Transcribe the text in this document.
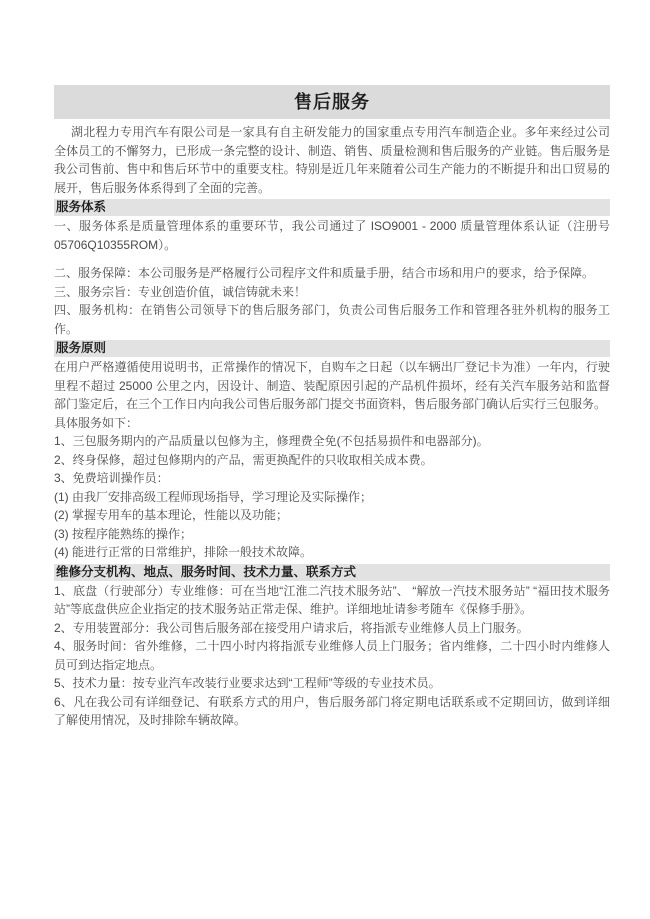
售后服务

湖北程力专用汽车有限公司是一家具有自主研发能力的国家重点专用汽车制造企业。多年来经过公司全体员工的不懈努力，已形成一条完整的设计、制造、销售、质量检测和售后服务的产业链。售后服务是我公司售前、售中和售后环节中的重要支柱。特别是近几年来随着公司生产能力的不断提升和出口贸易的展开，售后服务体系得到了全面的完善。

服务体系

一、服务体系是质量管理体系的重要环节，我公司通过了 ISO9001 - 2000 质量管理体系认证（注册号 05706Q10355ROM）。

二、服务保障：本公司服务是严格履行公司程序文件和质量手册，结合市场和用户的要求，给予保障。

三、服务宗旨：专业创造价值，诚信铸就未来！

四、服务机构：在销售公司领导下的售后服务部门，负责公司售后服务工作和管理各驻外机构的服务工作。

服务原则

在用户严格遵循使用说明书，正常操作的情况下，自购车之日起（以车辆出厂登记卡为准）一年内，行驶里程不超过 25000 公里之内，因设计、制造、装配原因引起的产品机件损坏，经有关汽车服务站和监督部门鉴定后，在三个工作日内向我公司售后服务部门提交书面资料，售后服务部门确认后实行三包服务。

具体服务如下：

1、三包服务期内的产品质量以包修为主，修理费全免(不包括易损件和电器部分)。

2、终身保修，超过包修期内的产品，需更换配件的只收取相关成本费。

3、免费培训操作员：

(1) 由我厂安排高级工程师现场指导，学习理论及实际操作；

(2) 掌握专用车的基本理论，性能以及功能；

(3) 按程序能熟练的操作；

(4) 能进行正常的日常维护，排除一般技术故障。

维修分支机构、地点、服务时间、技术力量、联系方式

1、底盘（行驶部分）专业维修：可在当地“江淮二汽技术服务站”、 “解放一汽技术服务站” “福田技术服务站”等底盘供应企业指定的技术服务站正常走保、维护。详细地址请参考随车《保修手册》。

2、专用装置部分：我公司售后服务部在接受用户请求后，将指派专业维修人员上门服务。

4、服务时间：省外维修，二十四小时内将指派专业维修人员上门服务；省内维修，二十四小时内维修人员可到达指定地点。

5、技术力量：按专业汽车改装行业要求达到“工程师”等级的专业技术员。

6、凡在我公司有详细登记、有联系方式的用户，售后服务部门将定期电话联系或不定期回访，做到详细了解使用情况，及时排除车辆故障。
